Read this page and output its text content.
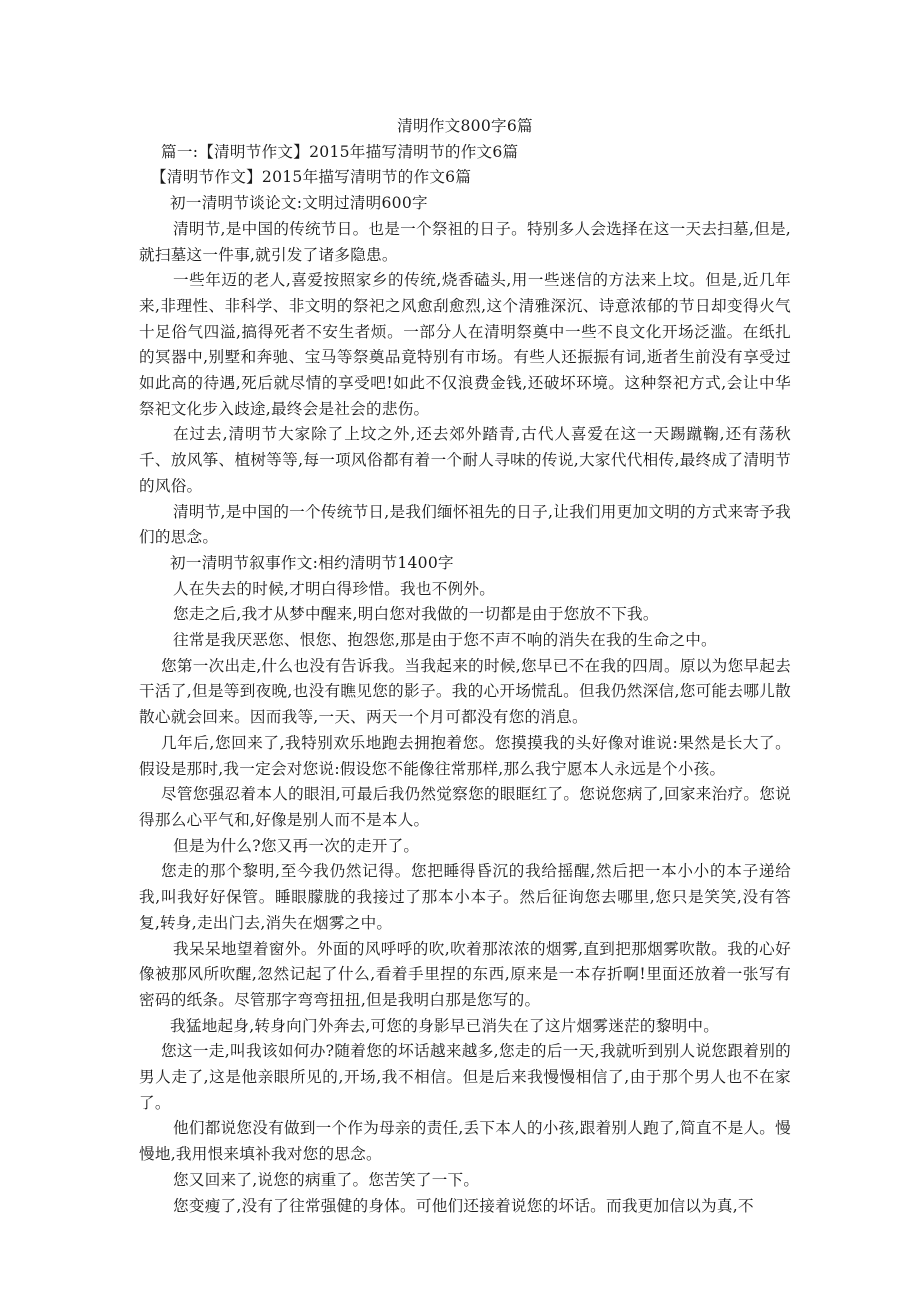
清明作文800字6篇

篇一:【清明节作文】2015年描写清明节的作文6篇

【清明节作文】2015年描写清明节的作文6篇

初一清明节谈论文:文明过清明600字

清明节,是中国的传统节日。也是一个祭祖的日子。特别多人会选择在这一天去扫墓,但是,就扫墓这一件事,就引发了诸多隐患。

一些年迈的老人,喜爱按照家乡的传统,烧香磕头,用一些迷信的方法来上坟。但是,近几年来,非理性、非科学、非文明的祭祀之风愈刮愈烈,这个清雅深沉、诗意浓郁的节日却变得火气十足俗气四溢,搞得死者不安生者烦。一部分人在清明祭奠中一些不良文化开场泛滥。在纸扎的冥器中,别墅和奔驰、宝马等祭奠品竟特别有市场。有些人还振振有词,逝者生前没有享受过如此高的待遇,死后就尽情的享受吧!如此不仅浪费金钱,还破坏环境。这种祭祀方式,会让中华祭祀文化步入歧途,最终会是社会的悲伤。

在过去,清明节大家除了上坟之外,还去郊外踏青,古代人喜爱在这一天踢蹴鞠,还有荡秋千、放风筝、植树等等,每一项风俗都有着一个耐人寻味的传说,大家代代相传,最终成了清明节的风俗。

清明节,是中国的一个传统节日,是我们缅怀祖先的日子,让我们用更加文明的方式来寄予我们的思念。

初一清明节叙事作文:相约清明节1400字

人在失去的时候,才明白得珍惜。我也不例外。

您走之后,我才从梦中醒来,明白您对我做的一切都是由于您放不下我。

往常是我厌恶您、恨您、抱怨您,那是由于您不声不响的消失在我的生命之中。

您第一次出走,什么也没有告诉我。当我起来的时候,您早已不在我的四周。原以为您早起去干活了,但是等到夜晚,也没有瞧见您的影子。我的心开场慌乱。但我仍然深信,您可能去哪儿散散心就会回来。因而我等,一天、两天一个月可都没有您的消息。

几年后,您回来了,我特别欢乐地跑去拥抱着您。您摸摸我的头好像对谁说:果然是长大了。假设是那时,我一定会对您说:假设您不能像往常那样,那么我宁愿本人永远是个小孩。

尽管您强忍着本人的眼泪,可最后我仍然觉察您的眼眶红了。您说您病了,回家来治疗。您说得那么心平气和,好像是别人而不是本人。

但是为什么?您又再一次的走开了。

您走的那个黎明,至今我仍然记得。您把睡得昏沉的我给摇醒,然后把一本小小的本子递给我,叫我好好保管。睡眼朦胧的我接过了那本小本子。然后征询您去哪里,您只是笑笑,没有答复,转身,走出门去,消失在烟雾之中。

我呆呆地望着窗外。外面的风呼呼的吹,吹着那浓浓的烟雾,直到把那烟雾吹散。我的心好像被那风所吹醒,忽然记起了什么,看着手里捏的东西,原来是一本存折啊!里面还放着一张写有密码的纸条。尽管那字弯弯扭扭,但是我明白那是您写的。

我猛地起身,转身向门外奔去,可您的身影早已消失在了这片烟雾迷茫的黎明中。

您这一走,叫我该如何办?随着您的坏话越来越多,您走的后一天,我就听到别人说您跟着别的男人走了,这是他亲眼所见的,开场,我不相信。但是后来我慢慢相信了,由于那个男人也不在家了。

他们都说您没有做到一个作为母亲的责任,丢下本人的小孩,跟着别人跑了,简直不是人。慢慢地,我用恨来填补我对您的思念。

您又回来了,说您的病重了。您苦笑了一下。

您变瘦了,没有了往常强健的身体。可他们还接着说您的坏话。而我更加信以为真,不
